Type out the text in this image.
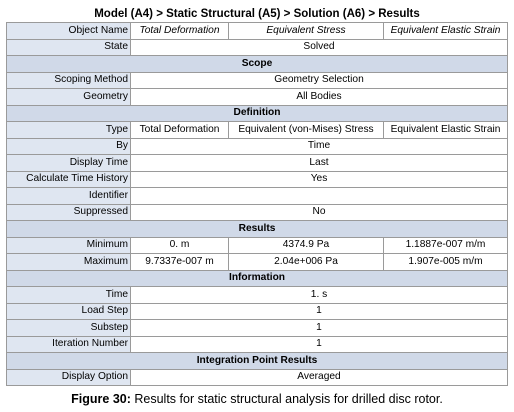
Model (A4) > Static Structural (A5) > Solution (A6) > Results
Object Name	Total Deformation	Equivalent Stress	Equivalent Elastic Strain
State	Solved		
Scope			
Scoping Method	Geometry Selection		
Geometry	All Bodies		
Definition			
Type	Total Deformation	Equivalent (von-Mises) Stress	Equivalent Elastic Strain
By	Time		
Display Time	Last		
Calculate Time History	Yes		
Identifier			
Suppressed	No		
Results			
Minimum	0. m	4374.9 Pa	1.1887e-007 m/m
Maximum	9.7337e-007 m	2.04e+006 Pa	1.907e-005 m/m
Information			
Time	1. s		
Load Step	1		
Substep	1		
Iteration Number	1		
Integration Point Results			
Display Option	Averaged		
Figure 30: Results for static structural analysis for drilled disc rotor.
